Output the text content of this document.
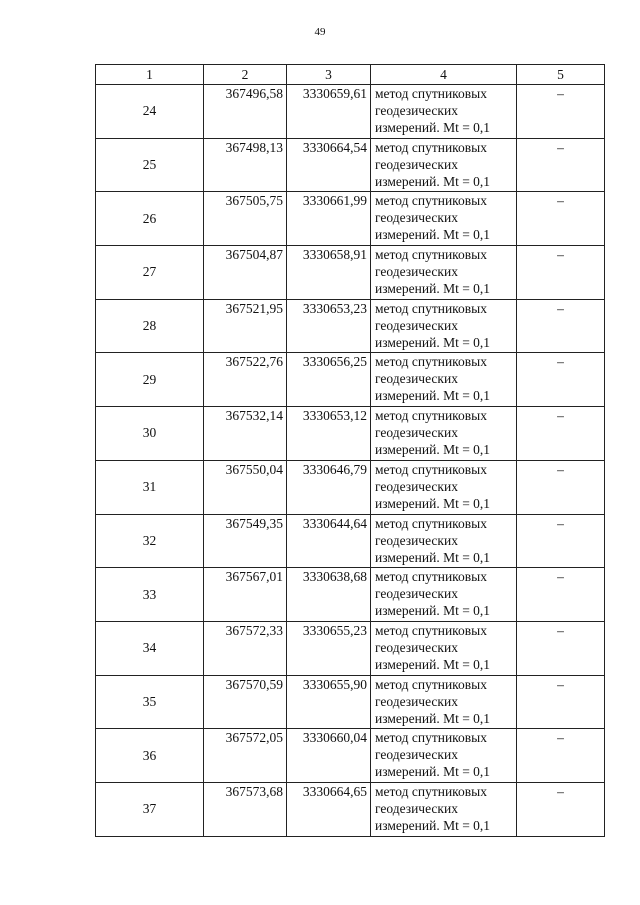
49
1	2	3	4	5
24	367496,58	3330659,61	метод спутниковых
геодезических
измерений. Mt = 0,1	–
25	367498,13	3330664,54	метод спутниковых
геодезических
измерений. Mt = 0,1	–
26	367505,75	3330661,99	метод спутниковых
геодезических
измерений. Mt = 0,1	–
27	367504,87	3330658,91	метод спутниковых
геодезических
измерений. Mt = 0,1	–
28	367521,95	3330653,23	метод спутниковых
геодезических
измерений. Mt = 0,1	–
29	367522,76	3330656,25	метод спутниковых
геодезических
измерений. Mt = 0,1	–
30	367532,14	3330653,12	метод спутниковых
геодезических
измерений. Mt = 0,1	–
31	367550,04	3330646,79	метод спутниковых
геодезических
измерений. Mt = 0,1	–
32	367549,35	3330644,64	метод спутниковых
геодезических
измерений. Mt = 0,1	–
33	367567,01	3330638,68	метод спутниковых
геодезических
измерений. Mt = 0,1	–
34	367572,33	3330655,23	метод спутниковых
геодезических
измерений. Mt = 0,1	–
35	367570,59	3330655,90	метод спутниковых
геодезических
измерений. Mt = 0,1	–
36	367572,05	3330660,04	метод спутниковых
геодезических
измерений. Mt = 0,1	–
37	367573,68	3330664,65	метод спутниковых
геодезических
измерений. Mt = 0,1	–
